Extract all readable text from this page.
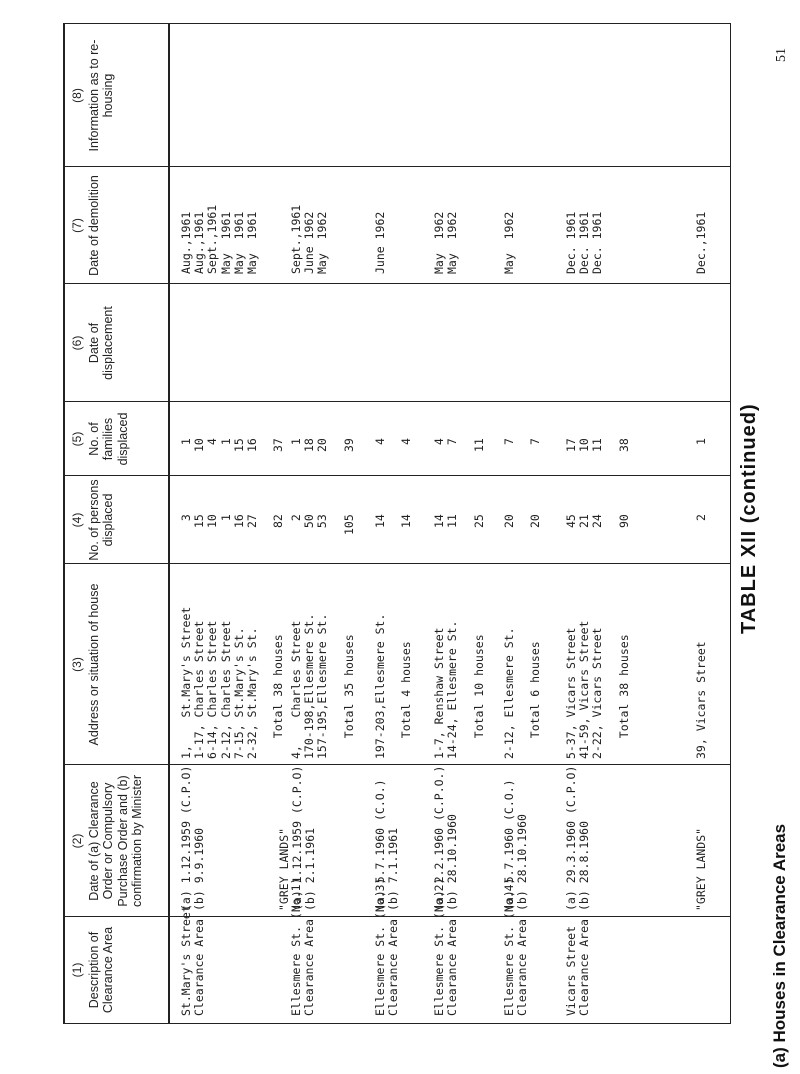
TABLE XII (continued)
(a) Houses in Clearance Areas
(1) Description of Clearance Area
(2) Date of (a) Clearance Order or Compulsory Purchase Order and (b) confirmation by Minister
(3) Address or situation of house
(4) No. of persons displaced
(5) No. of families displaced
(6) Date of displacement
(7) Date of demolition
(8) Information as to re-housing
St.Mary's Street
Clearance Area
(a) 1.12.1959 (C.P.O)
(b) 9.9.1960
1,    St.Mary's Street
1-17, Charles Street
6-14, Charles Street
2-12, Charles Street
7-15, St.Mary's St.
2-32, St.Mary's St.

Total 38 houses
3
15
10
1
16
27

82
1
10
4
1
15
16

37
Aug.,1961
Aug.,1961
Sept.,1961
May  1961
May  1961
May  1961
Ellesmere St. (No.1)
Clearance Area
"GREY LANDS"
(a) 1.12.1959 (C.P.O)
(b) 2.1.1961
4,    Charles Street
170-198,Ellesmere St.
157-195,Ellesmere St.

Total 35 houses
2
50
53

105
1
18
20

39
Sept.,1961
June 1962
May  1962
Ellesmere St. (No.3)
Clearance Area
(a) 5.7.1960 (C.O.)
(b) 7.1.1961
197-203,Ellesmere St.

Total 4 houses
14

14
4

4
June 1962
Ellesmere St. (No.2)
Clearance Area
(a) 2.2.1960 (C.P.O.)
(b) 28.10.1960
1-7, Renshaw Street
14-24, Ellesmere St.

Total 10 houses
14
11

25
4
7

11
May  1962
May  1962
Ellesmere St. (No.4)
Clearance Area
(a) 5.7.1960 (C.O.)
(b) 28.10.1960
2-12, Ellesmere St.

Total 6 houses
20

20
7

7
May  1962
Vicars Street
Clearance Area
(a) 29.3.1960 (C.P.O)
(b) 28.8.1960
5-37, Vicars Street
41-59, Vicars Street
2-22, Vicars Street

Total 38 houses
45
21
24

90
17
10
11

38
Dec. 1961
Dec. 1961
Dec. 1961
"GREY LANDS"
39, Vicars Street
2
1
Dec.,1961
51
